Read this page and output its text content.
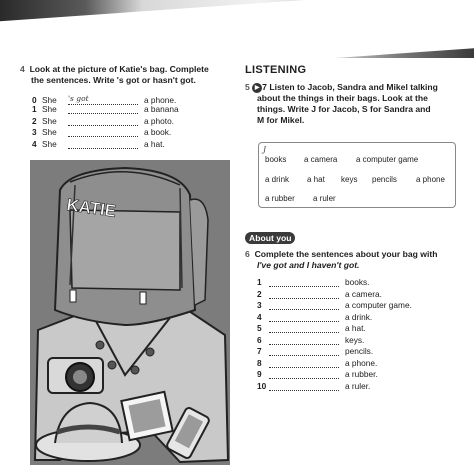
4 Look at the picture of Katie's bag. Complete
the sentences. Write 's got or hasn't got.
0 She 's got	a phone.
1 She	a banana
2 She	a photo.
3 She	a book.
4 She	a hat.
KATIE
LISTENING
5 ▶ 7 Listen to Jacob, Sandra and Mikel talking
about the things in their bags. Look at the
things. Write J for Jacob, S for Sandra and
M for Mikel.
J
books a camera a computer game
a drink a hat keys pencils a phone
a rubber a ruler
About you
6 Complete the sentences about your bag with
I've got and I haven't got.
1	books.
2	a camera.
3	a computer game.
4	a drink.
5	a hat.
6	keys.
7	pencils.
8	a phone.
9	a rubber.
10	a ruler.
